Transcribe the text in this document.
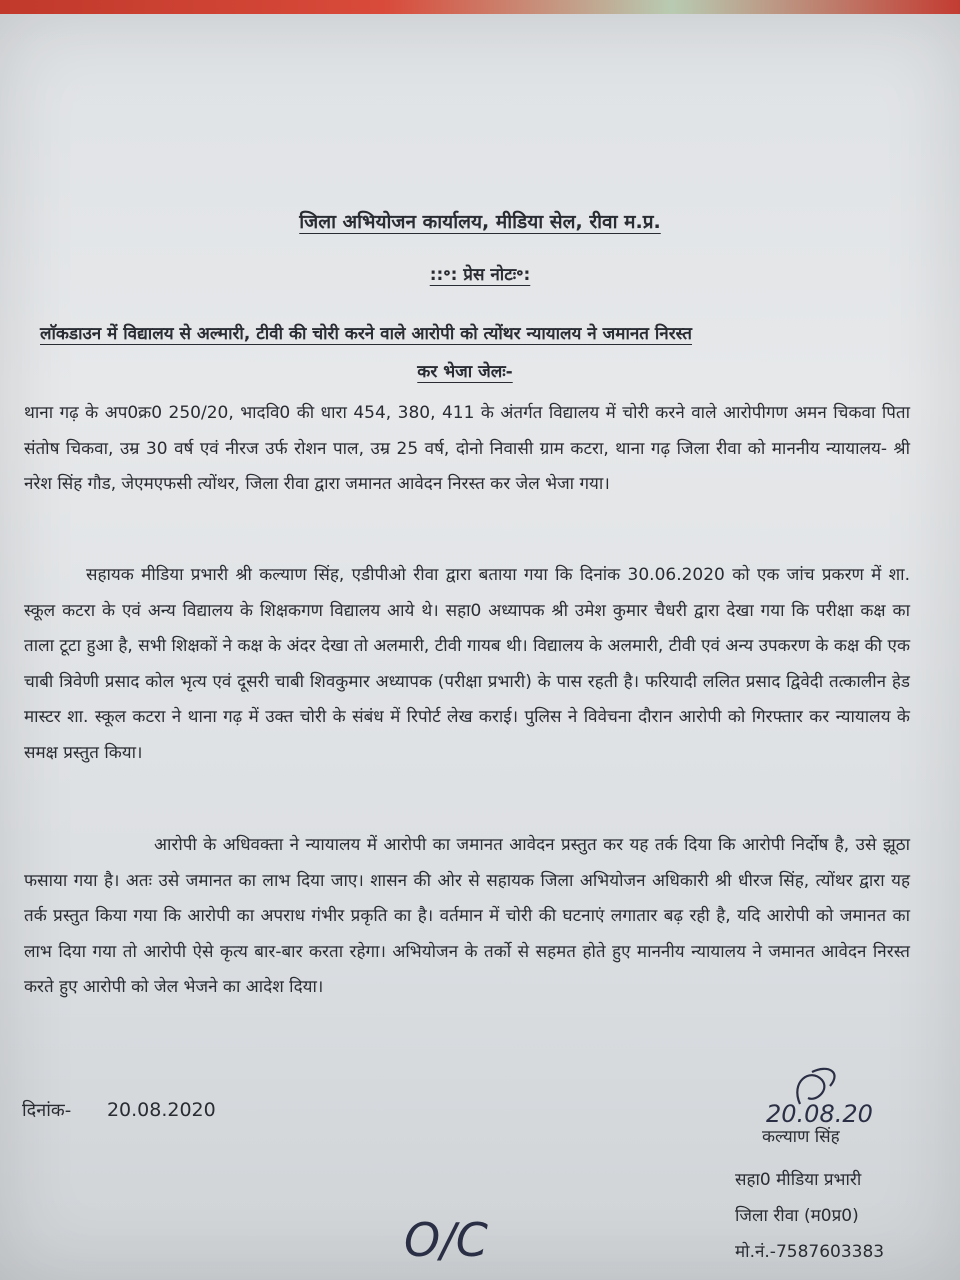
जिला अभियोजन कार्यालय, मीडिया सेल, रीवा म.प्र.
::॰: प्रेस नोटः॰:
लाॅकडाउन में विद्यालय से अल्मारी, टीवी की चोरी करने वाले आरोपी को त्योंथर न्यायालय ने जमानत निरस्त

कर भेजा जेलः-

थाना गढ़ के अप0क्र0 250/20, भादवि0 की धारा 454, 380, 411 के अंतर्गत विद्यालय में चोरी करने वाले आरोपीगण अमन चिकवा पिता संतोष चिकवा, उम्र 30 वर्ष एवं नीरज उर्फ रोशन पाल, उम्र 25 वर्ष, दोनो निवासी ग्राम कटरा, थाना गढ़ जिला रीवा को माननीय न्यायालय- श्री नरेश सिंह गौड, जेएमएफसी त्योंथर, जिला रीवा द्वारा जमानत आवेदन निरस्त कर जेल भेजा गया।

सहायक मीडिया प्रभारी श्री कल्याण सिंह, एडीपीओ रीवा द्वारा बताया गया कि दिनांक 30.06.2020 को एक जांच प्रकरण में शा. स्कूल कटरा के एवं अन्य विद्यालय के शिक्षकगण विद्यालय आये थे। सहा0 अध्यापक श्री उमेश कुमार चैधरी द्वारा देखा गया कि परीक्षा कक्ष का ताला टूटा हुआ है, सभी शिक्षकों ने कक्ष के अंदर देखा तो अलमारी, टीवी गायब थी। विद्यालय के अलमारी, टीवी एवं अन्य उपकरण के कक्ष की एक चाबी त्रिवेणी प्रसाद कोल भृत्य एवं दूसरी चाबी शिवकुमार अध्यापक (परीक्षा प्रभारी) के पास रहती है। फरियादी ललित प्रसाद द्विवेदी तत्कालीन हेड मास्टर शा. स्कूल कटरा ने थाना गढ़ में उक्त चोरी के संबंध में रिपोर्ट लेख कराई। पुलिस ने विवेचना दौरान आरोपी को गिरफ्तार कर न्यायालय के समक्ष प्रस्तुत किया।

आरोपी के अधिवक्ता ने न्यायालय में आरोपी का जमानत आवेदन प्रस्तुत कर यह तर्क दिया कि आरोपी निर्दोष है, उसे झूठा फसाया गया है। अतः उसे जमानत का लाभ दिया जाए। शासन की ओर से सहायक जिला अभियोजन अधिकारी श्री धीरज सिंह, त्योंथर द्वारा यह तर्क प्रस्तुत किया गया कि आरोपी का अपराध गंभीर प्रकृति का है। वर्तमान में चोरी की घटनाएं लगातार बढ़ रही है, यदि आरोपी को जमानत का लाभ दिया गया तो आरोपी ऐसे कृत्य बार-बार करता रहेगा। अभियोजन के तर्को से सहमत होते हुए माननीय न्यायालय ने जमानत आवेदन निरस्त करते हुए आरोपी को जेल भेजने का आदेश दिया।

दिनांक- 20.08.2020	20.08.20
कल्याण सिंह
सहा0 मीडिया प्रभारी
जिला रीवा (म0प्र0)
मो.नं.-7587603383
O/C
